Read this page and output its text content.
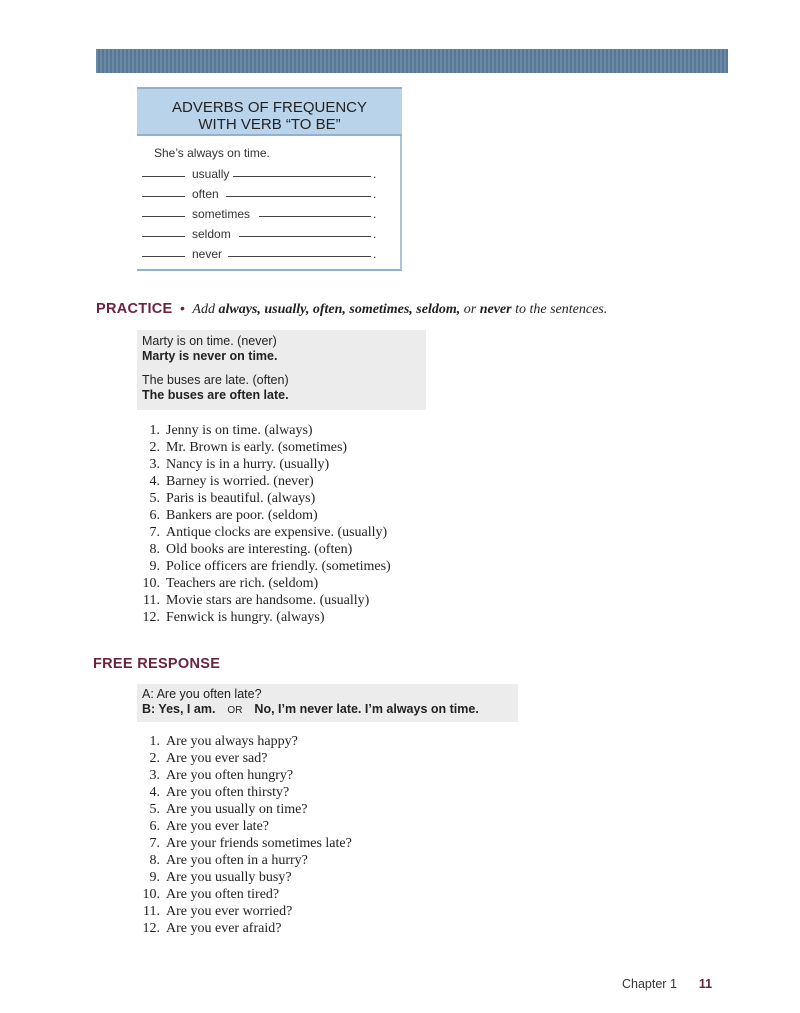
ADVERBS OF FREQUENCY
WITH VERB “TO BE”
She’s always on time.
usually	.
often	.
sometimes	.
seldom	.
never	.
PRACTICE • Add always, usually, often, sometimes, seldom, or never to the sentences.
Marty is on time. (never)
Marty is never on time.
The buses are late. (often)
The buses are often late.
1. Jenny is on time. (always)
2. Mr. Brown is early. (sometimes)
3. Nancy is in a hurry. (usually)
4. Barney is worried. (never)
5. Paris is beautiful. (always)
6. Bankers are poor. (seldom)
7. Antique clocks are expensive. (usually)
8. Old books are interesting. (often)
9. Police officers are friendly. (sometimes)
10. Teachers are rich. (seldom)
11. Movie stars are handsome. (usually)
12. Fenwick is hungry. (always)
FREE RESPONSE
A: Are you often late?
B: Yes, I am. OR No, I’m never late. I’m always on time.
1. Are you always happy?
2. Are you ever sad?
3. Are you often hungry?
4. Are you often thirsty?
5. Are you usually on time?
6. Are you ever late?
7. Are your friends sometimes late?
8. Are you often in a hurry?
9. Are you usually busy?
10. Are you often tired?
11. Are you ever worried?
12. Are you ever afraid?
Chapter 1 11
